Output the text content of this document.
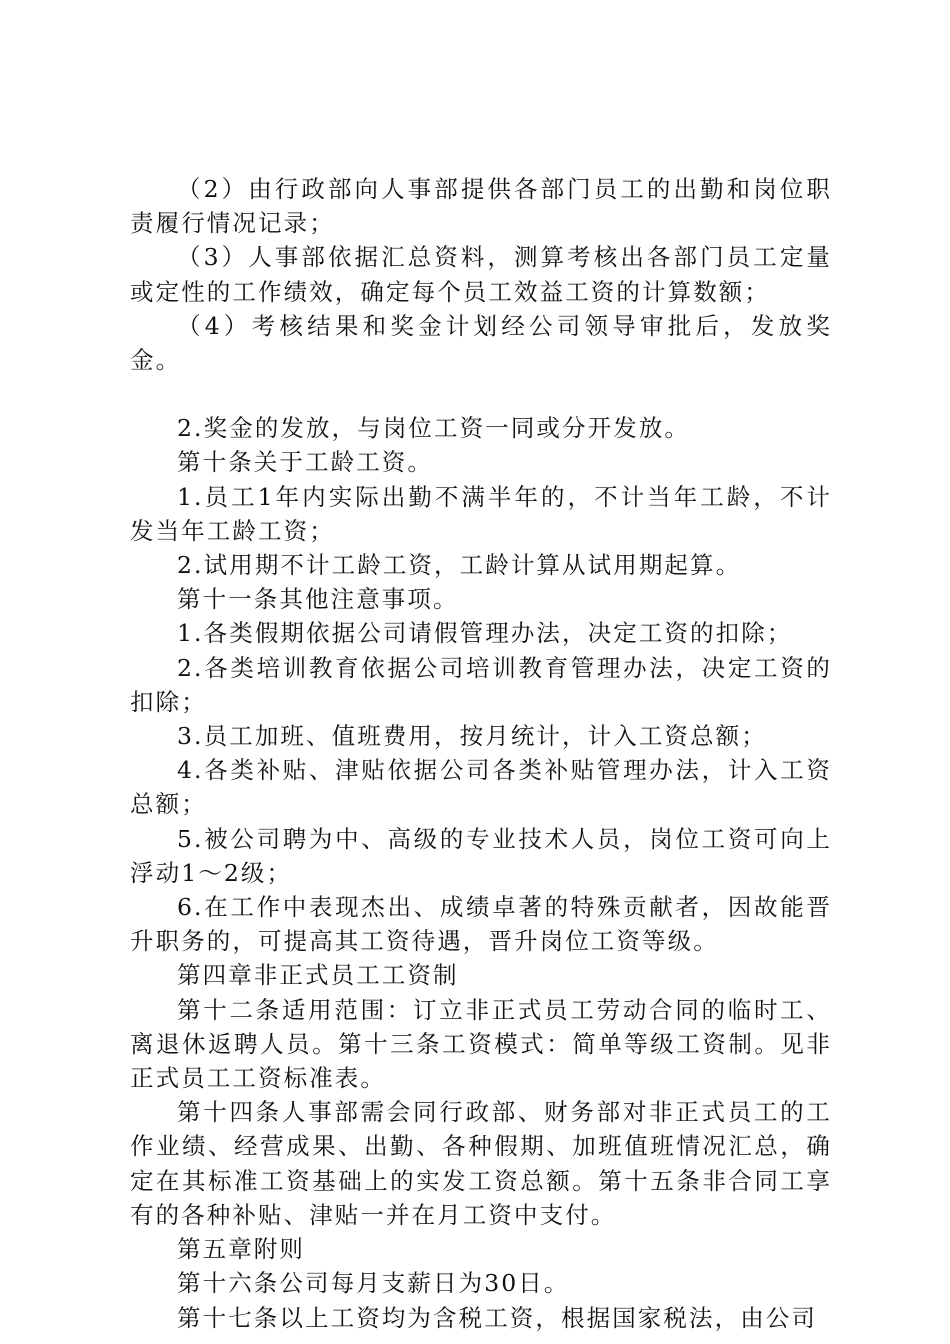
（2）由行政部向人事部提供各部门员工的出勤和岗位职责履行情况记录；

（3）人事部依据汇总资料，测算考核出各部门员工定量或定性的工作绩效，确定每个员工效益工资的计算数额；

（4）考核结果和奖金计划经公司领导审批后，发放奖金。

2.奖金的发放，与岗位工资一同或分开发放。

第十条关于工龄工资。

1.员工1年内实际出勤不满半年的，不计当年工龄，不计发当年工龄工资；

2.试用期不计工龄工资，工龄计算从试用期起算。

第十一条其他注意事项。

1.各类假期依据公司请假管理办法，决定工资的扣除；

2.各类培训教育依据公司培训教育管理办法，决定工资的扣除；

3.员工加班、值班费用，按月统计，计入工资总额；

4.各类补贴、津贴依据公司各类补贴管理办法，计入工资总额；

5.被公司聘为中、高级的专业技术人员，岗位工资可向上浮动1～2级；

6.在工作中表现杰出、成绩卓著的特殊贡献者，因故能晋升职务的，可提高其工资待遇，晋升岗位工资等级。

第四章非正式员工工资制

第十二条适用范围：订立非正式员工劳动合同的临时工、离退休返聘人员。第十三条工资模式：简单等级工资制。见非正式员工工资标准表。

第十四条人事部需会同行政部、财务部对非正式员工的工作业绩、经营成果、出勤、各种假期、加班值班情况汇总，确定在其标准工资基础上的实发工资总额。第十五条非合同工享有的各种补贴、津贴一并在月工资中支付。

第五章附则

第十六条公司每月支薪日为30日。

第十七条以上工资均为含税工资，根据国家税法，由公司
